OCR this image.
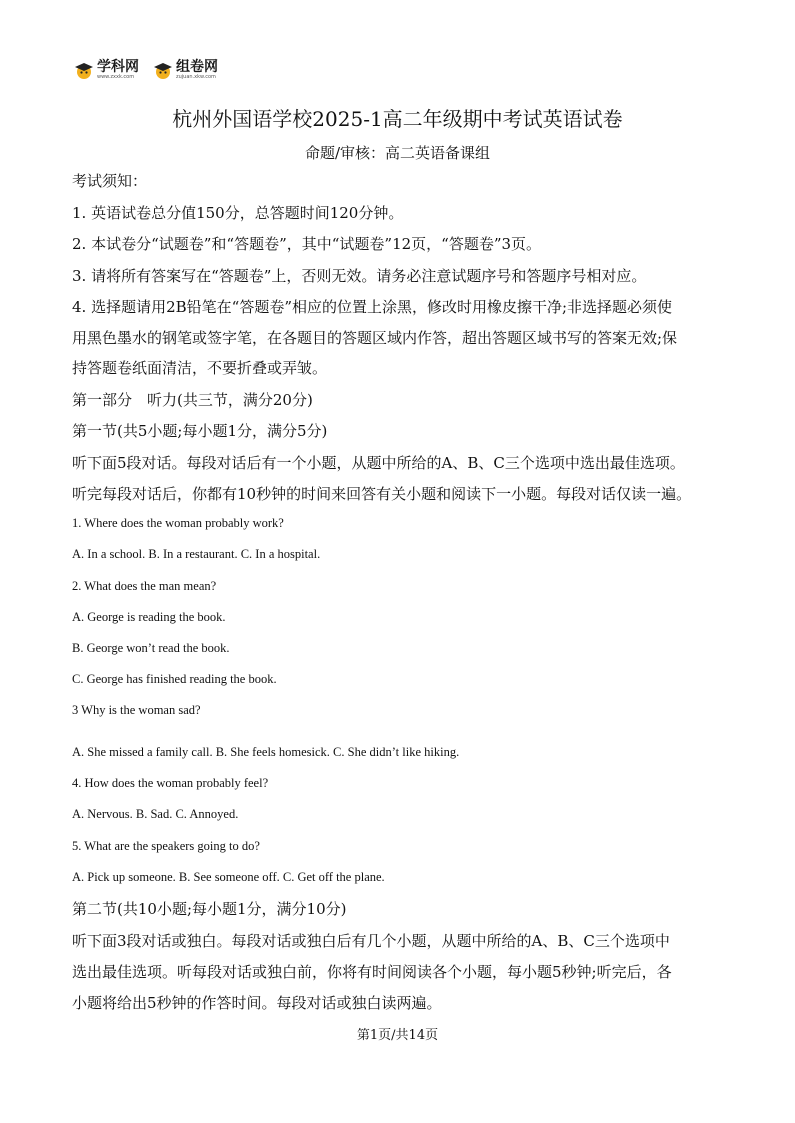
学科网
www.zxxk.com
组卷网
zujuan.xkw.com
杭州外国语学校2025-1高二年级期中考试英语试卷
命题/审核：高二英语备课组
考试须知：
1. 英语试卷总分值150分，总答题时间120分钟。
2. 本试卷分“试题卷”和“答题卷”，其中“试题卷”12页，“答题卷”3页。
3. 请将所有答案写在“答题卷”上，否则无效。请务必注意试题序号和答题序号相对应。
4. 选择题请用2B铅笔在“答题卷”相应的位置上涂黑，修改时用橡皮擦干净;非选择题必须使
用黑色墨水的钢笔或签字笔，在各题目的答题区域内作答，超出答题区域书写的答案无效;保
持答题卷纸面清洁，不要折叠或弄皱。
第一部分　听力(共三节，满分20分)
第一节(共5小题;每小题1分，满分5分)
听下面5段对话。每段对话后有一个小题，从题中所给的A、B、C三个选项中选出最佳选项。
听完每段对话后，你都有10秒钟的时间来回答有关小题和阅读下一小题。每段对话仅读一遍。
1. Where does the woman probably work?
A. In a school. B. In a restaurant. C. In a hospital.
2. What does the man mean?
A. George is reading the book.
B. George won’t read the book.
C. George has finished reading the book.
3 Why is the woman sad?
A. She missed a family call. B. She feels homesick. C. She didn’t like hiking.
4. How does the woman probably feel?
A. Nervous. B. Sad. C. Annoyed.
5. What are the speakers going to do?
A. Pick up someone. B. See someone off. C. Get off the plane.
第二节(共10小题;每小题1分，满分10分)
听下面3段对话或独白。每段对话或独白后有几个小题，从题中所给的A、B、C三个选项中
选出最佳选项。听每段对话或独白前，你将有时间阅读各个小题，每小题5秒钟;听完后，各
小题将给出5秒钟的作答时间。每段对话或独白读两遍。
第1页/共14页
